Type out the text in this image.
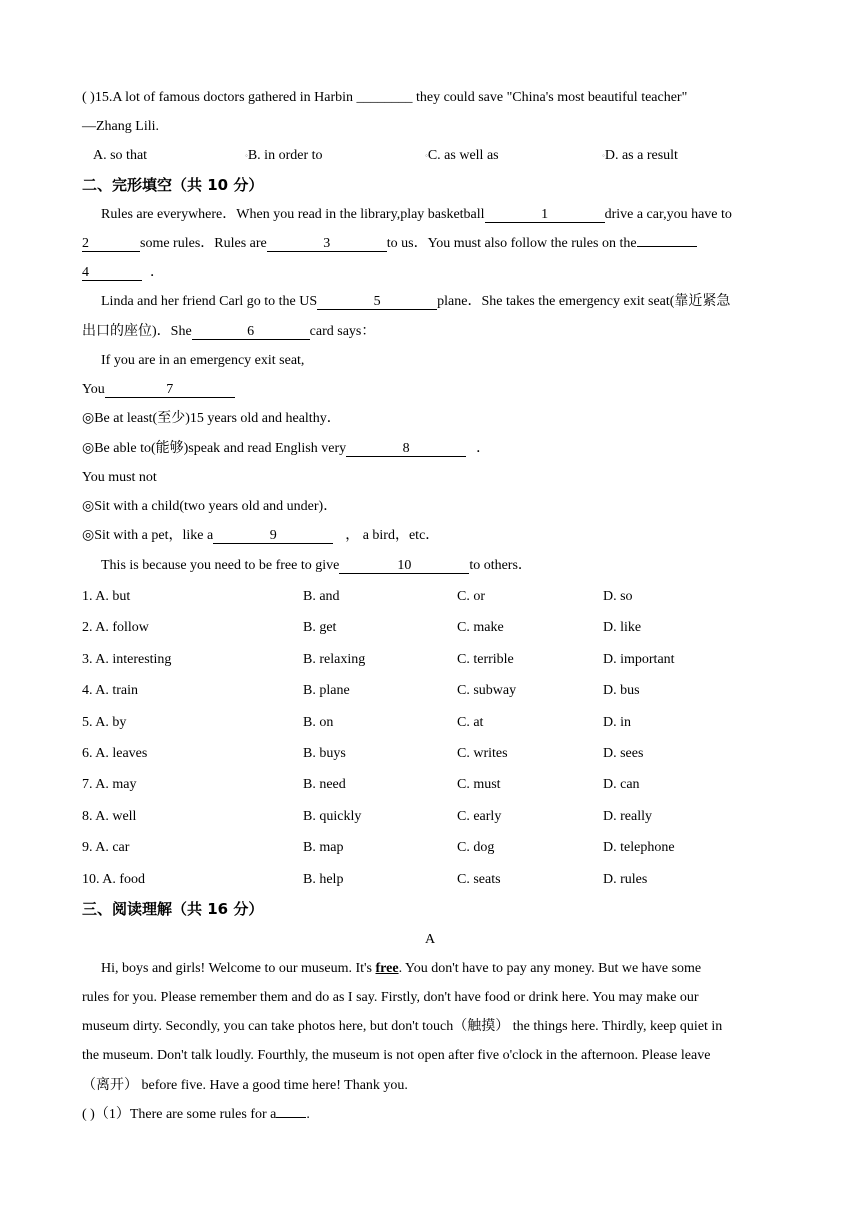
( )15.A lot of famous doctors gathered in Harbin ________ they could save "China's most beautiful teacher"
—Zhang Lili.
A. so that	◦B. in order to	◦C. as well as	◦D. as a result
二、完形填空（共 10 分）
Rules are everywhere．When you read in the library,play basketball	1	drive a car,you have to
2	some rules．Rules are	3	to us．You must also follow the rules on the
4	．
Linda and her friend Carl go to the US	5	plane．She takes the emergency exit seat(靠近紧急
出口的座位)．She	6	card says：
If you are in an emergency exit seat,
You	7
◎Be at least(至少)15 years old and healthy．
◎Be able to(能够)speak and read English very	8	．
You must not
◎Sit with a child(two years old and under)．
◎Sit with a pet，like a	9	， a bird，etc．
This is because you need to be free to give	10	to others．
1. A. but	B. and	C. or	D. so
2. A. follow	B. get	C. make	D. like
3. A. interesting	B. relaxing	C. terrible	D. important
4. A. train	B. plane	C. subway	D. bus
5. A. by	B. on	C. at	D. in
6. A. leaves	B. buys	C. writes	D. sees
7. A. may	B. need	C. must	D. can
8. A. well	B. quickly	C. early	D. really
9. A. car	B. map	C. dog	D. telephone
10. A. food	B. help	C. seats	D. rules
三、阅读理解（共 16 分）
A
Hi, boys and girls! Welcome to our museum. It's free. You don't have to pay any money. But we have some
rules for you. Please remember them and do as I say. Firstly, don't have food or drink here. You may make our
museum dirty. Secondly, you can take photos here, but don't touch（触摸） the things here. Thirdly, keep quiet in
the museum. Don't talk loudly. Fourthly, the museum is not open after five o'clock in the afternoon. Please leave
（离开） before five. Have a good time here! Thank you.
( )（1）There are some rules for a .
